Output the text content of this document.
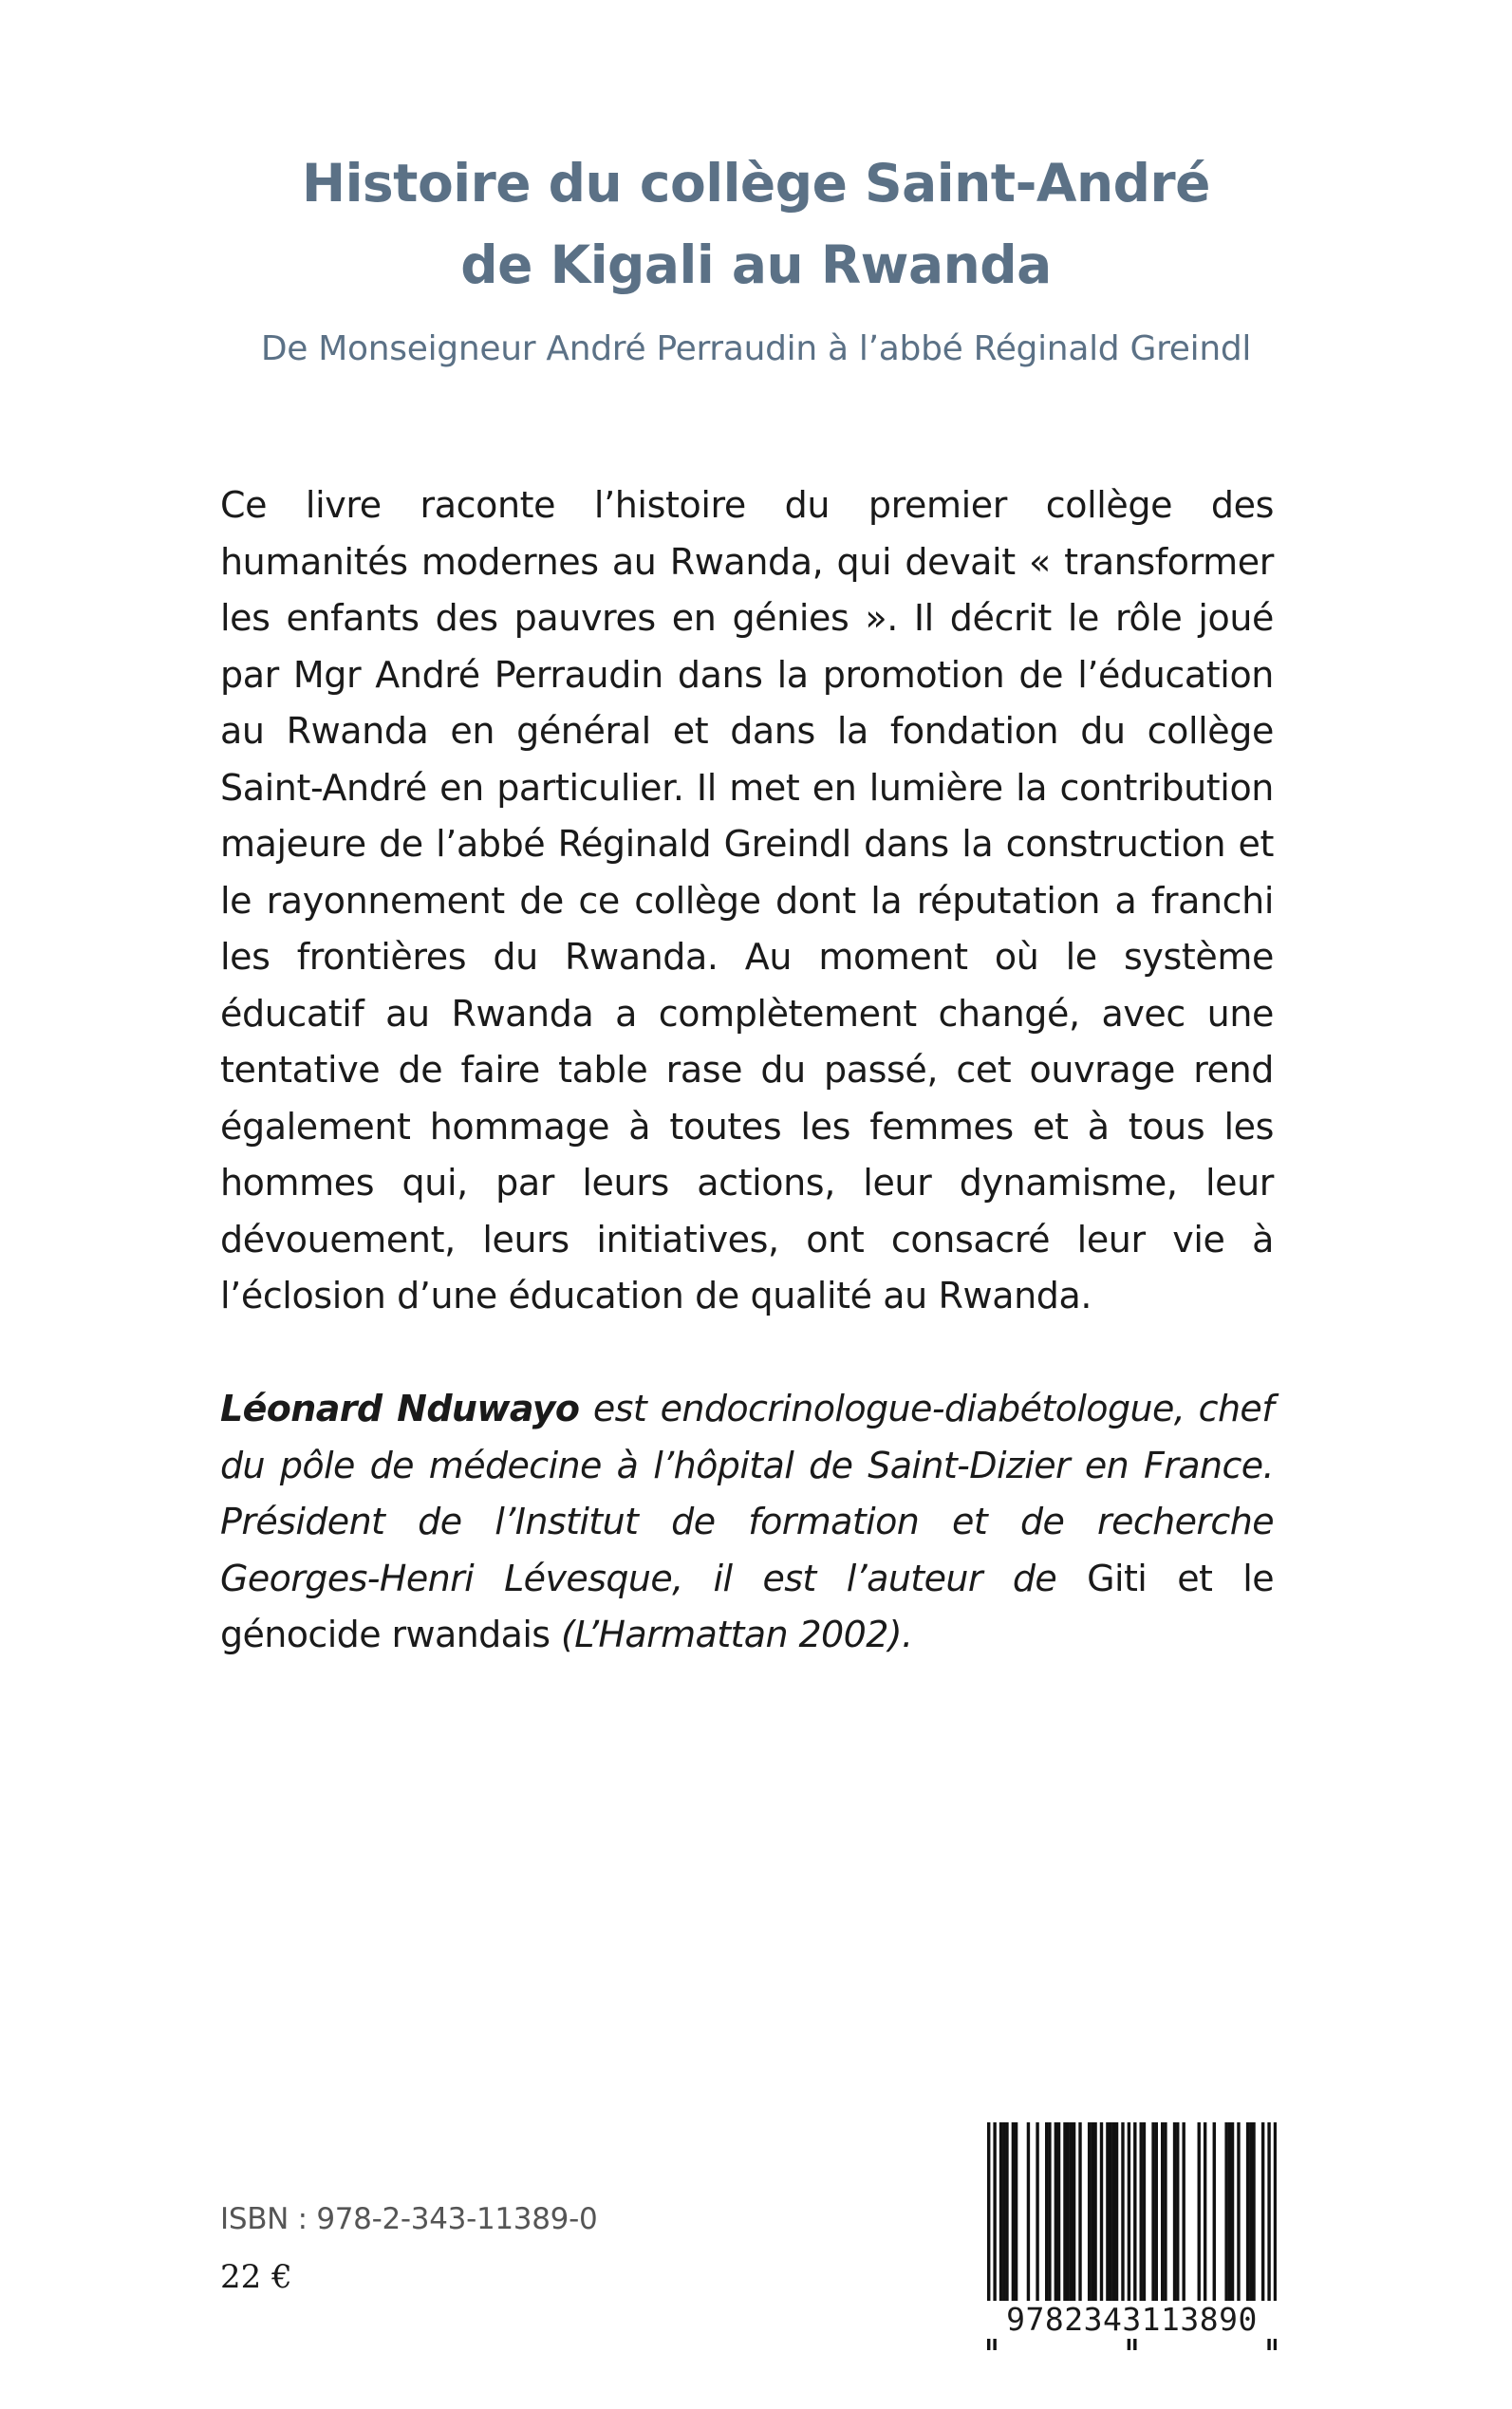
Histoire du collège Saint-André
de Kigali au Rwanda
De Monseigneur André Perraudin à l’abbé Réginald Greindl

Ce livre raconte l’histoire du premier collège des humanités modernes au Rwanda, qui devait « transformer les enfants des pauvres en génies ». Il décrit le rôle joué par Mgr André Perraudin dans la promotion de l’éducation au Rwanda en général et dans la fondation du collège Saint-André en particulier. Il met en lumière la contribution majeure de l’abbé Réginald Greindl dans la construction et le rayonnement de ce collège dont la réputation a franchi les frontières du Rwanda. Au moment où le système éducatif au Rwanda a complètement changé, avec une tentative de faire table rase du passé, cet ouvrage rend également hommage à toutes les femmes et à tous les hommes qui, par leurs actions, leur dynamisme, leur dévouement, leurs initiatives, ont consacré leur vie à l’éclosion d’une éducation de qualité au Rwanda.

Léonard Nduwayo est endocrinologue-diabétologue, chef du pôle de médecine à l’hôpital de Saint-Dizier en France. Président de l’Institut de formation et de recherche Georges-Henri Lévesque, il est l’auteur de Giti et le génocide rwandais (L’Harmattan 2002).

ISBN : 978-2-343-11389-0
22 €
9782343113890
